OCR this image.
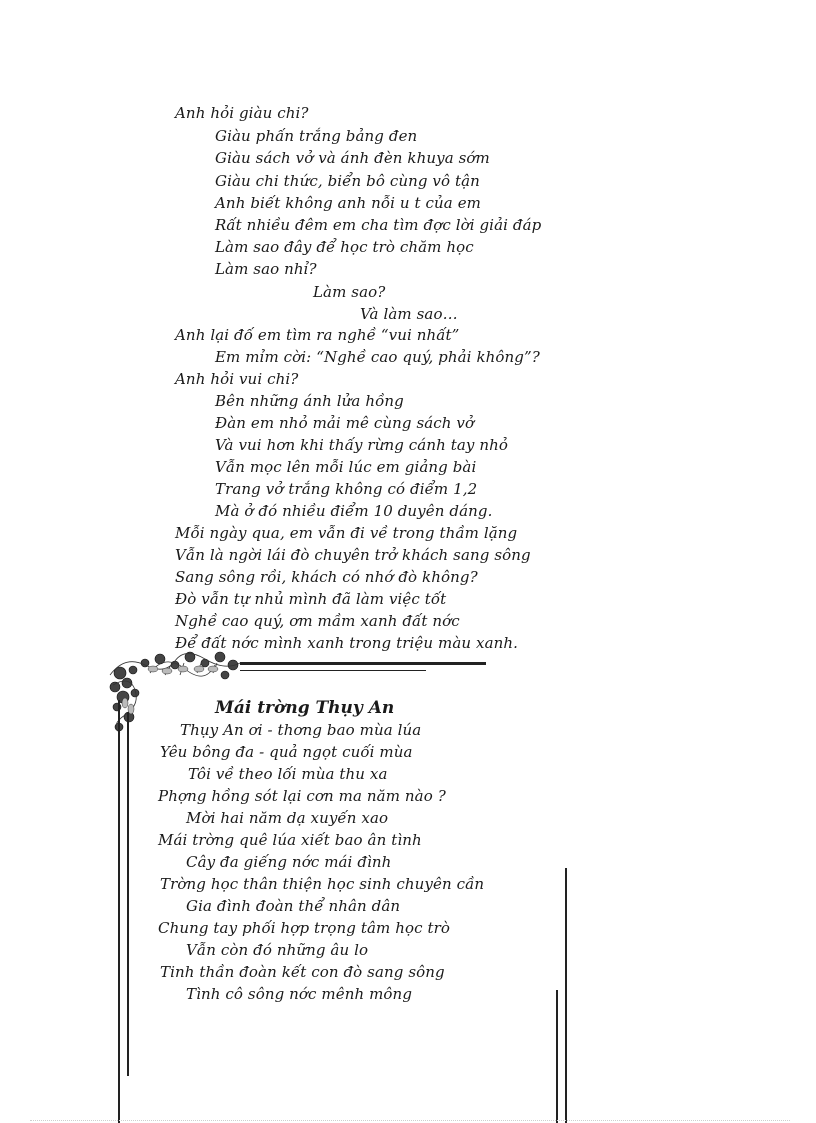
Anh hỏi giàu chi?
Giàu phấn trắng bảng đen
Giàu sách vở và ánh đèn khuya sớm
Giàu chi thức, biển bô cùng vô tận
Anh biết không anh nỗi u t của em
Rất nhiều đêm em cha tìm đợc lời giải đáp
Làm sao đây để học trò chăm học
Làm sao nhỉ?
Làm sao?
Và làm sao…
Anh lại đố em tìm ra nghề “vui nhất”
Em mỉm cời: “Nghề cao quý, phải không”?
Anh hỏi vui chi?
Bên những ánh lửa hồng
Đàn em nhỏ mải mê cùng sách vở
Và vui hơn khi thấy rừng cánh tay nhỏ
Vẫn mọc lên mỗi lúc em giảng bài
Trang vở trắng không có điểm 1,2
Mà ở đó nhiều điểm 10 duyên dáng.
Mỗi ngày qua, em vẫn đi về trong thầm lặng
Vẫn là ngời lái đò chuyên trở khách sang sông
Sang sông rồi, khách có nhớ đò không?
Đò vẫn tự nhủ mình đã làm việc tốt
Nghề cao quý, ơm mầm xanh đất nớc
Để đất nớc mình xanh trong triệu màu xanh.
Mái trờng Thụy An
Thụy An ơi - thơng bao mùa lúa
Yêu bông đa - quả ngọt cuối mùa
Tôi về theo lối mùa thu xa
Phợng hồng sót lại cơn ma năm nào ?
Mời hai năm dạ xuyến xao
Mái trờng quê lúa xiết bao ân tình
Cây đa giếng nớc mái đình
Trờng học thân thiện học sinh chuyên cần
Gia đình đoàn thể nhân dân
Chung tay phối hợp trọng tâm học trò
Vẫn còn đó những âu lo
Tinh thần đoàn kết con đò sang sông
Tình cô sông nớc mênh mông
